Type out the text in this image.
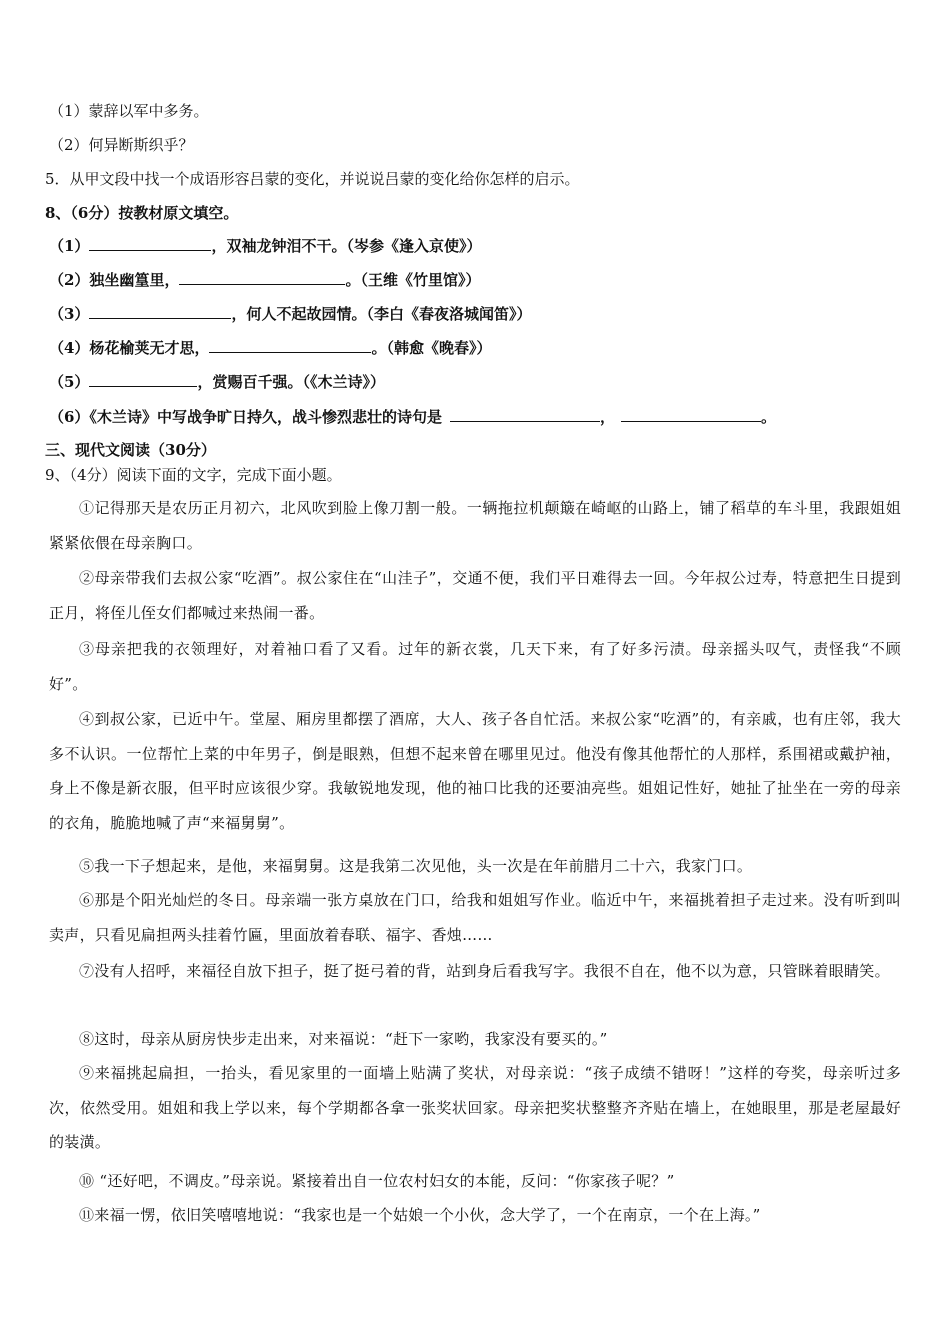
（1）蒙辞以军中多务。
（2）何异断斯织乎？
5．从甲文段中找一个成语形容吕蒙的变化，并说说吕蒙的变化给你怎样的启示。
8、（6分）按教材原文填空。
（1）	，双袖龙钟泪不干。（岑参《逢入京使》）
（2）独坐幽篁里，	。（王维《竹里馆》）
（3）	，何人不起故园情。（李白《春夜洛城闻笛》）
（4）杨花榆荚无才思，	。（韩愈《晚春》）
（5）	，赏赐百千强。（《木兰诗》）
（6）《木兰诗》中写战争旷日持久，战斗惨烈悲壮的诗句是	，	。
三、现代文阅读（30分）
9、（4分）阅读下面的文字，完成下面小题。
①记得那天是农历正月初六，北风吹到脸上像刀割一般。一辆拖拉机颠簸在崎岖的山路上，铺了稻草的车斗里，我跟姐姐紧紧依偎在母亲胸口。
②母亲带我们去叔公家“吃酒”。叔公家住在“山洼子”，交通不便，我们平日难得去一回。今年叔公过寿，特意把生日提到正月，将侄儿侄女们都喊过来热闹一番。
③母亲把我的衣领理好，对着袖口看了又看。过年的新衣裳，几天下来，有了好多污渍。母亲摇头叹气，责怪我“不顾好”。
④到叔公家，已近中午。堂屋、厢房里都摆了酒席，大人、孩子各自忙活。来叔公家“吃酒”的，有亲戚，也有庄邻，我大多不认识。一位帮忙上菜的中年男子，倒是眼熟，但想不起来曾在哪里见过。他没有像其他帮忙的人那样，系围裙或戴护袖，身上不像是新衣服，但平时应该很少穿。我敏锐地发现，他的袖口比我的还要油亮些。姐姐记性好，她扯了扯坐在一旁的母亲的衣角，脆脆地喊了声“来福舅舅”。
⑤我一下子想起来，是他，来福舅舅。这是我第二次见他，头一次是在年前腊月二十六，我家门口。
⑥那是个阳光灿烂的冬日。母亲端一张方桌放在门口，给我和姐姐写作业。临近中午，来福挑着担子走过来。没有听到叫卖声，只看见扁担两头挂着竹匾，里面放着春联、福字、香烛……
⑦没有人招呼，来福径自放下担子，挺了挺弓着的背，站到身后看我写字。我很不自在，他不以为意，只管眯着眼睛笑。
⑧这时，母亲从厨房快步走出来，对来福说：“赶下一家哟，我家没有要买的。”
⑨来福挑起扁担，一抬头，看见家里的一面墙上贴满了奖状，对母亲说：“孩子成绩不错呀！”这样的夸奖，母亲听过多次，依然受用。姐姐和我上学以来，每个学期都各拿一张奖状回家。母亲把奖状整整齐齐贴在墙上，在她眼里，那是老屋最好的装潢。
⑩ “还好吧，不调皮。”母亲说。紧接着出自一位农村妇女的本能，反问：“你家孩子呢？”
⑪来福一愣，依旧笑嘻嘻地说：“我家也是一个姑娘一个小伙，念大学了，一个在南京，一个在上海。”
